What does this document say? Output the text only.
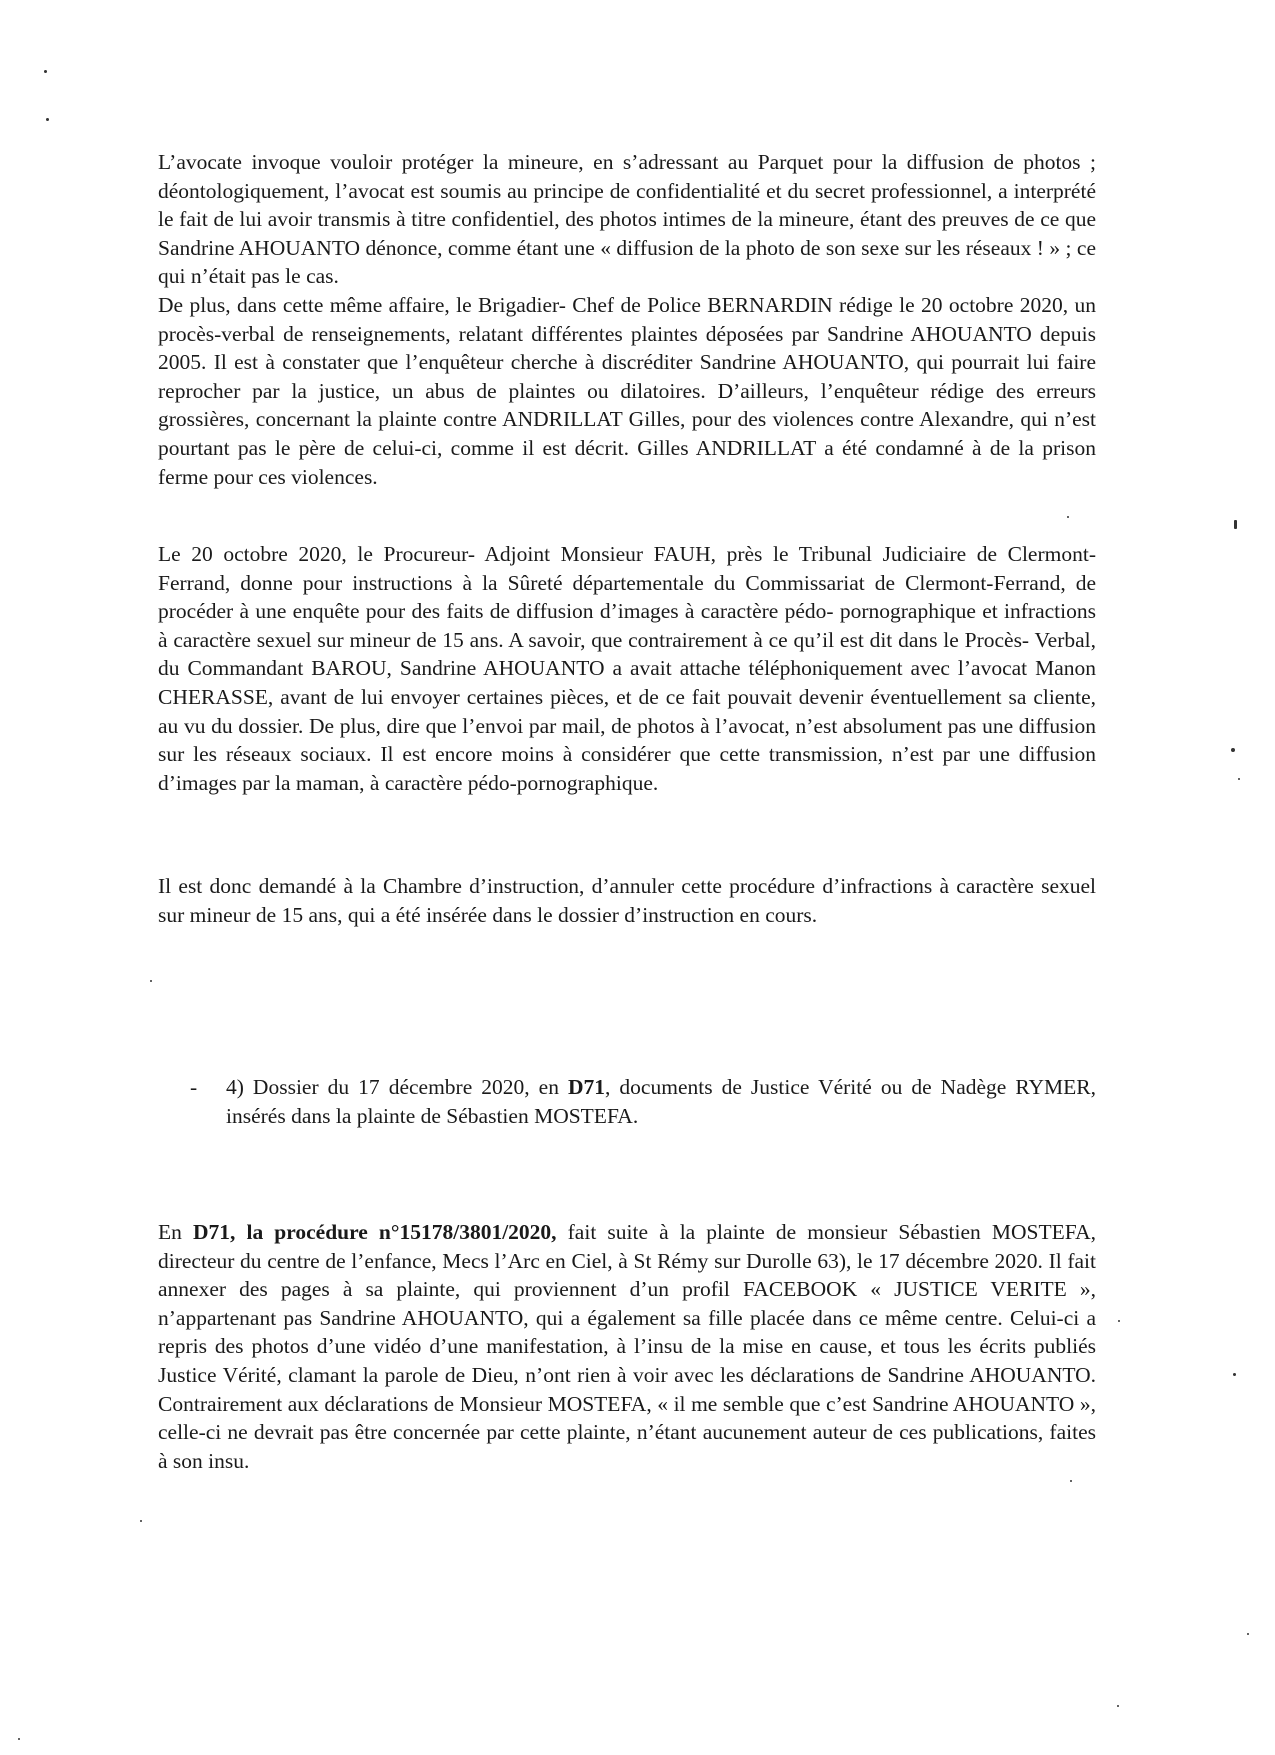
L’avocate invoque vouloir protéger la mineure, en s’adressant au Parquet pour la diffusion de photos ; déontologiquement, l’avocat est soumis au principe de confidentialité et du secret professionnel, a interprété le fait de lui avoir transmis à titre confidentiel, des photos intimes de la mineure, étant des preuves de ce que Sandrine AHOUANTO dénonce, comme étant une « diffusion de la photo de son sexe sur les réseaux ! » ; ce qui n’était pas le cas.
De plus, dans cette même affaire, le Brigadier- Chef de Police BERNARDIN rédige le 20 octobre 2020, un procès-verbal de renseignements, relatant différentes plaintes déposées par Sandrine AHOUANTO depuis 2005. Il est à constater que l’enquêteur cherche à discréditer Sandrine AHOUANTO, qui pourrait lui faire reprocher par la justice, un abus de plaintes ou dilatoires. D’ailleurs, l’enquêteur rédige des erreurs grossières, concernant la plainte contre ANDRILLAT Gilles, pour des violences contre Alexandre, qui n’est pourtant pas le père de celui-ci, comme il est décrit. Gilles ANDRILLAT a été condamné à de la prison ferme pour ces violences.

Le 20 octobre 2020, le Procureur- Adjoint Monsieur FAUH, près le Tribunal Judiciaire de Clermont- Ferrand, donne pour instructions à la Sûreté départementale du Commissariat de Clermont-Ferrand, de procéder à une enquête pour des faits de diffusion d’images à caractère pédo- pornographique et infractions à caractère sexuel sur mineur de 15 ans. A savoir, que contrairement à ce qu’il est dit dans le Procès- Verbal, du Commandant BAROU, Sandrine AHOUANTO a avait attache téléphoniquement avec l’avocat Manon CHERASSE, avant de lui envoyer certaines pièces, et de ce fait pouvait devenir éventuellement sa cliente, au vu du dossier. De plus, dire que l’envoi par mail, de photos à l’avocat, n’est absolument pas une diffusion sur les réseaux sociaux. Il est encore moins à considérer que cette transmission, n’est par une diffusion d’images par la maman, à caractère pédo-pornographique.

Il est donc demandé à la Chambre d’instruction, d’annuler cette procédure d’infractions à caractère sexuel sur mineur de 15 ans, qui a été insérée dans le dossier d’instruction en cours.

- 4) Dossier du 17 décembre 2020, en D71, documents de Justice Vérité ou de Nadège RYMER, insérés dans la plainte de Sébastien MOSTEFA.

En D71, la procédure n°15178/3801/2020, fait suite à la plainte de monsieur Sébastien MOSTEFA, directeur du centre de l’enfance, Mecs l’Arc en Ciel, à St Rémy sur Durolle 63), le 17 décembre 2020. Il fait annexer des pages à sa plainte, qui proviennent d’un profil FACEBOOK « JUSTICE VERITE », n’appartenant pas Sandrine AHOUANTO, qui a également sa fille placée dans ce même centre. Celui-ci a repris des photos d’une vidéo d’une manifestation, à l’insu de la mise en cause, et tous les écrits publiés Justice Vérité, clamant la parole de Dieu, n’ont rien à voir avec les déclarations de Sandrine AHOUANTO. Contrairement aux déclarations de Monsieur MOSTEFA, « il me semble que c’est Sandrine AHOUANTO », celle-ci ne devrait pas être concernée par cette plainte, n’étant aucunement auteur de ces publications, faites à son insu.
